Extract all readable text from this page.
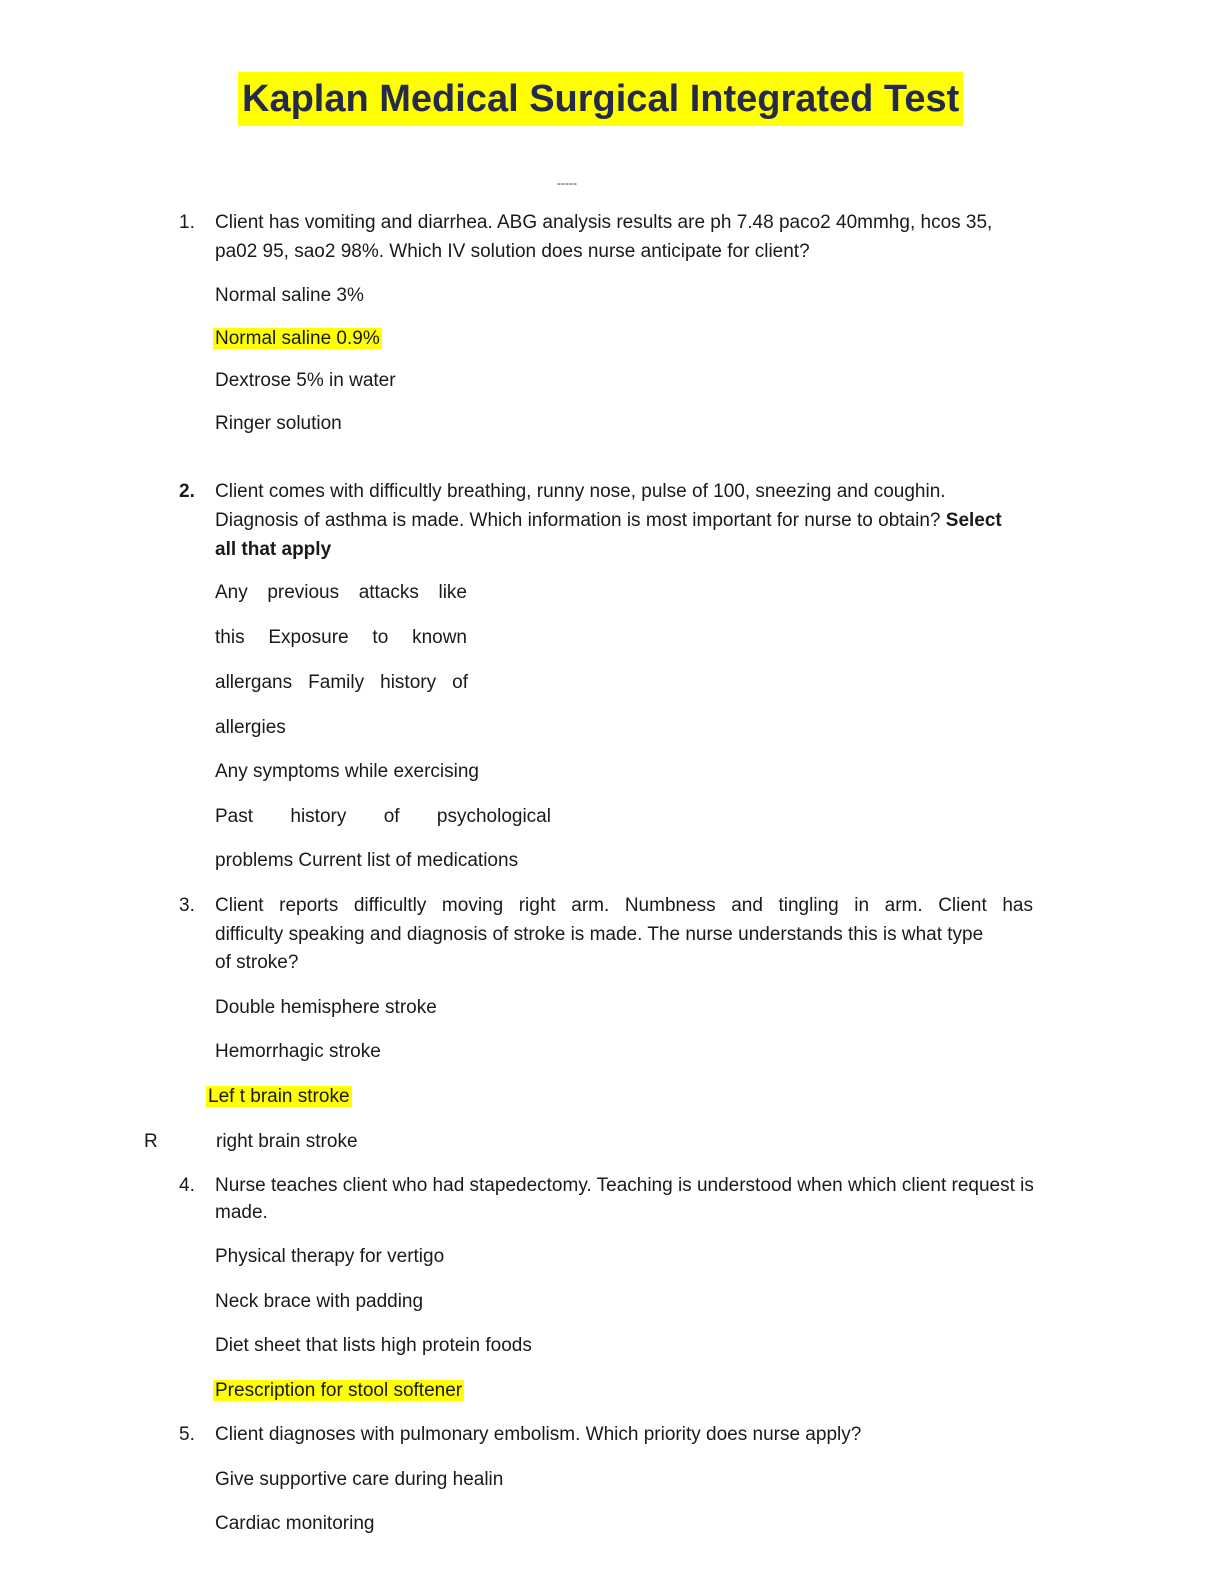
Kaplan Medical Surgical Integrated Test
-----
1. Client has vomiting and diarrhea. ABG analysis results are ph 7.48 paco2 40mmhg, hcos 35,
pa02 95, sao2 98%. Which IV solution does nurse anticipate for client?
Normal saline 3%
Normal saline 0.9%
Dextrose 5% in water
Ringer solution
2. Client comes with difficultly breathing, runny nose, pulse of 100, sneezing and coughin.
Diagnosis of asthma is made. Which information is most important for nurse to obtain? Select
all that apply
Any previous attacks like
this Exposure to known
allergans Family history of
allergies
Any symptoms while exercising
Past history of psychological
problems Current list of medications
3. Client reports difficultly moving right arm. Numbness and tingling in arm. Client has
difficulty speaking and diagnosis of stroke is made. The nurse understands this is what type
of stroke?
Double hemisphere stroke
Hemorrhagic stroke
Lef t brain stroke
R	right brain stroke
4. Nurse teaches client who had stapedectomy. Teaching is understood when which client request is
made.
Physical therapy for vertigo
Neck brace with padding
Diet sheet that lists high protein foods
Prescription for stool softener
5. Client diagnoses with pulmonary embolism. Which priority does nurse apply?
Give supportive care during healin
Cardiac monitoring
